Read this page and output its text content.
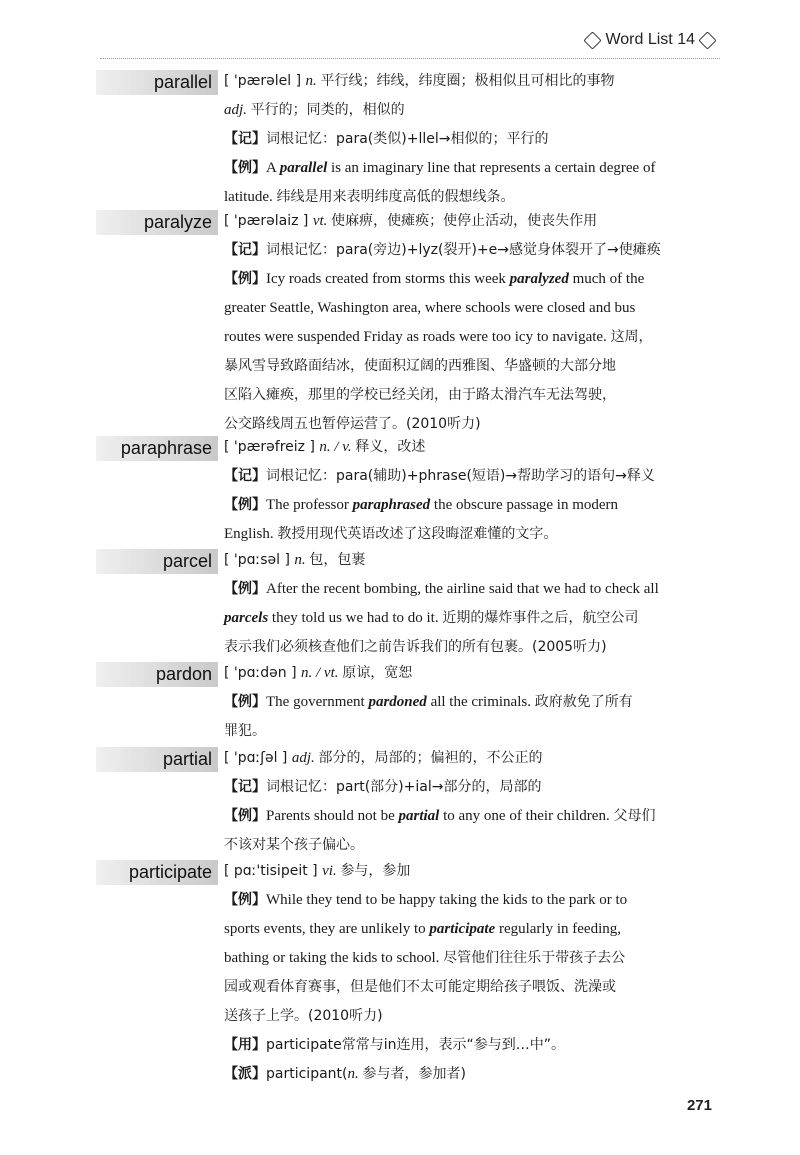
Word List 14
parallel [ 'pærəlel ] n. 平行线；纬线，纬度圈；极相似且可相比的事物
adj. 平行的；同类的，相似的
【记】词根记忆：para(类似)+llel→相似的；平行的
【例】A parallel is an imaginary line that represents a certain degree of
latitude. 纬线是用来表明纬度高低的假想线条。
paralyze [ 'pærəlaiz ] vt. 使麻痹，使瘫痪；使停止活动，使丧失作用
【记】词根记忆：para(旁边)+lyz(裂开)+e→感觉身体裂开了→使瘫痪
【例】Icy roads created from storms this week paralyzed much of the
greater Seattle, Washington area, where schools were closed and bus
routes were suspended Friday as roads were too icy to navigate. 这周，
暴风雪导致路面结冰，使面积辽阔的西雅图、华盛顿的大部分地
区陷入瘫痪，那里的学校已经关闭，由于路太滑汽车无法驾驶，
公交路线周五也暂停运营了。(2010听力)
paraphrase [ 'pærəfreiz ] n. / v. 释义，改述
【记】词根记忆：para(辅助)+phrase(短语)→帮助学习的语句→释义
【例】The professor paraphrased the obscure passage in modern
English. 教授用现代英语改述了这段晦涩难懂的文字。
parcel [ 'pɑːsəl ] n. 包，包裹
【例】After the recent bombing, the airline said that we had to check all
parcels they told us we had to do it. 近期的爆炸事件之后，航空公司
表示我们必须核查他们之前告诉我们的所有包裹。(2005听力)
pardon [ 'pɑːdən ] n. / vt. 原谅，宽恕
【例】The government pardoned all the criminals. 政府赦免了所有
罪犯。
partial [ 'pɑːʃəl ] adj. 部分的，局部的；偏袒的，不公正的
【记】词根记忆：part(部分)+ial→部分的，局部的
【例】Parents should not be partial to any one of their children. 父母们
不该对某个孩子偏心。
participate [ pɑː'tisipeit ] vi. 参与，参加
【例】While they tend to be happy taking the kids to the park or to
sports events, they are unlikely to participate regularly in feeding,
bathing or taking the kids to school. 尽管他们往往乐于带孩子去公
园或观看体育赛事，但是他们不太可能定期给孩子喂饭、洗澡或
送孩子上学。(2010听力)
【用】participate常常与in连用，表示“参与到…中”。
【派】participant(n. 参与者，参加者)
271
